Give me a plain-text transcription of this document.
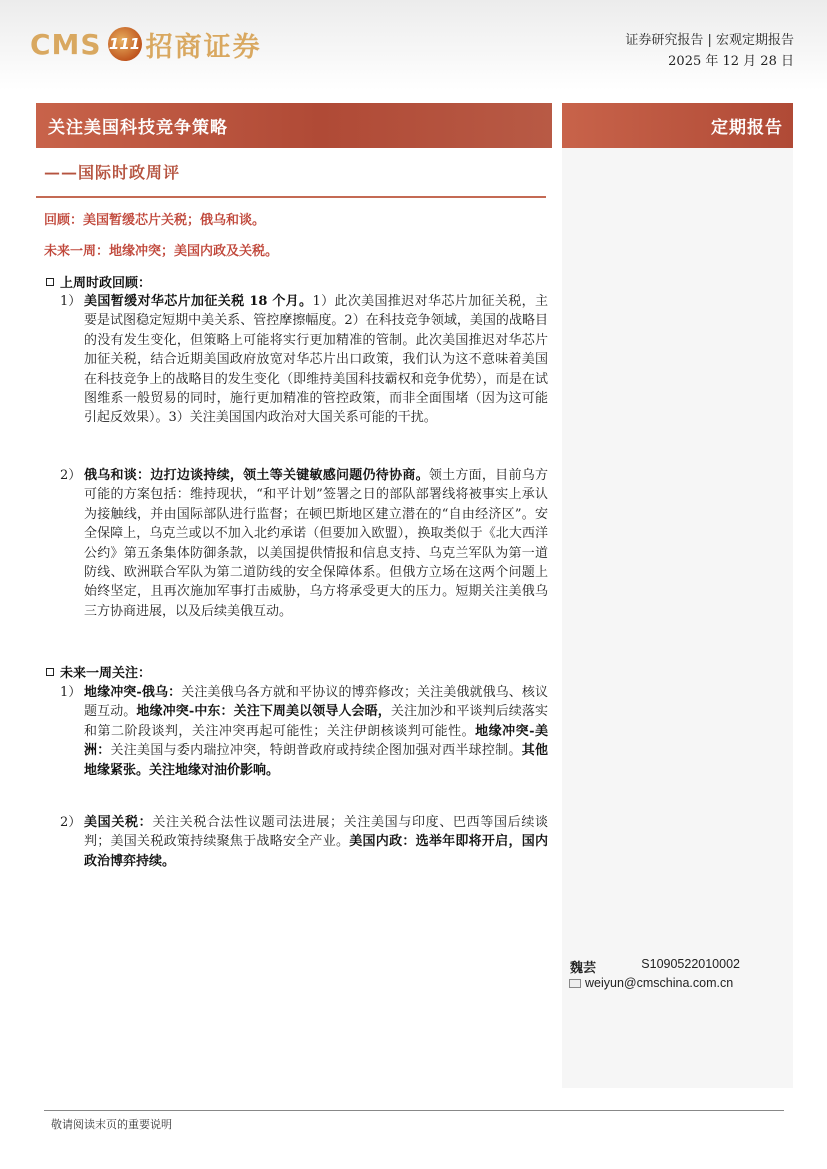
CMS 111 招商证券	证券研究报告 | 宏观定期报告
2025 年 12 月 28 日
关注美国科技竞争策略	定期报告
——国际时政周评
回顾：美国暂缓芯片关税；俄乌和谈。
未来一周：地缘冲突；美国内政及关税。
上周时政回顾：
1） 美国暂缓对华芯片加征关税 18 个月。1）此次美国推迟对华芯片加征关税，主要是试图稳定短期中美关系、管控摩擦幅度。2）在科技竞争领域，美国的战略目的没有发生变化，但策略上可能将实行更加精准的管制。此次美国推迟对华芯片加征关税，结合近期美国政府放宽对华芯片出口政策，我们认为这不意味着美国在科技竞争上的战略目的发生变化（即维持美国科技霸权和竞争优势），而是在试图维系一般贸易的同时，施行更加精准的管控政策，而非全面围堵（因为这可能引起反效果）。3）关注美国国内政治对大国关系可能的干扰。

2） 俄乌和谈：边打边谈持续，领土等关键敏感问题仍待协商。领土方面，目前乌方可能的方案包括：维持现状，“和平计划”签署之日的部队部署线将被事实上承认为接触线，并由国际部队进行监督；在顿巴斯地区建立潜在的“自由经济区”。安全保障上，乌克兰或以不加入北约承诺（但要加入欧盟），换取类似于《北大西洋公约》第五条集体防御条款，以美国提供情报和信息支持、乌克兰军队为第一道防线、欧洲联合军队为第二道防线的安全保障体系。但俄方立场在这两个问题上始终坚定，且再次施加军事打击威胁，乌方将承受更大的压力。短期关注美俄乌三方协商进展，以及后续美俄互动。

未来一周关注：
1） 地缘冲突-俄乌：关注美俄乌各方就和平协议的博弈修改；关注美俄就俄乌、核议题互动。地缘冲突-中东：关注下周美以领导人会晤，关注加沙和平谈判后续落实和第二阶段谈判，关注冲突再起可能性；关注伊朗核谈判可能性。地缘冲突-美洲：关注美国与委内瑞拉冲突，特朗普政府或持续企图加强对西半球控制。其他地缘紧张。关注地缘对油价影响。

2） 美国关税：关注关税合法性议题司法进展；关注美国与印度、巴西等国后续谈判；美国关税政策持续聚焦于战略安全产业。美国内政：选举年即将开启，国内政治博弈持续。

魏芸	S1090522010002
weiyun@cmschina.com.cn
敬请阅读末页的重要说明
